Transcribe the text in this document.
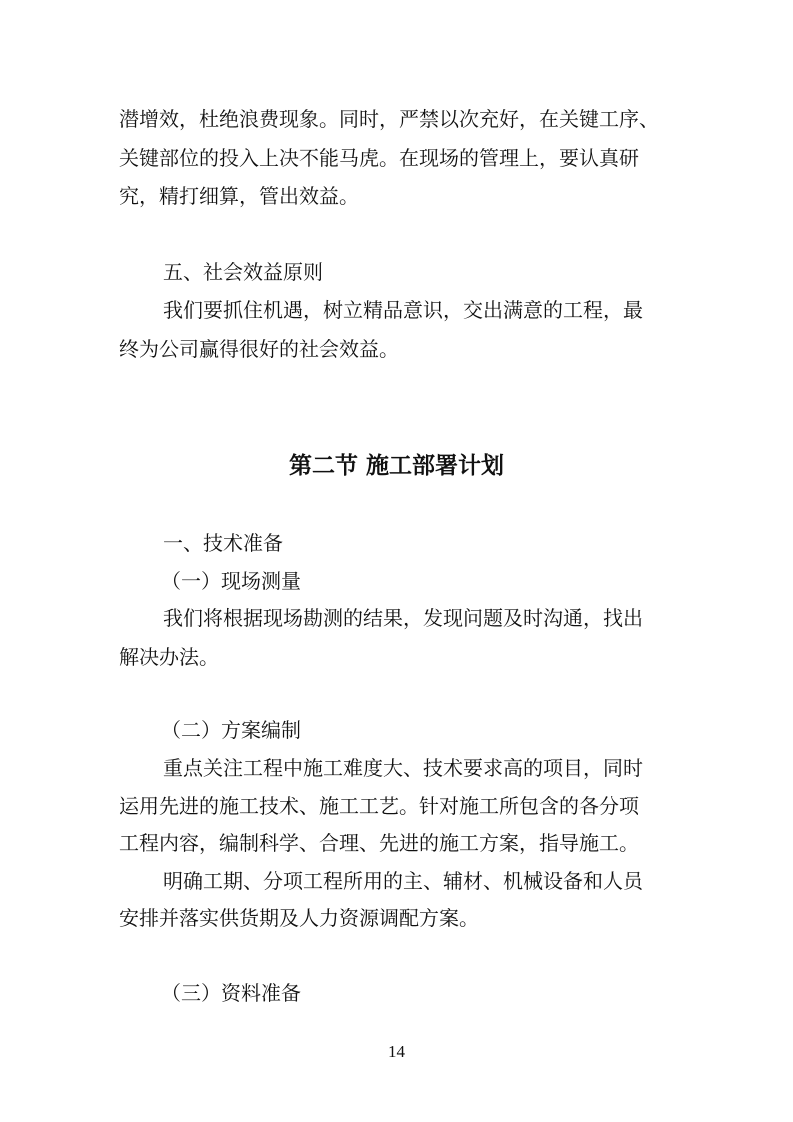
潜增效，杜绝浪费现象。同时，严禁以次充好，在关键工序、
关键部位的投入上决不能马虎。在现场的管理上，要认真研
究，精打细算，管出效益。
五、社会效益原则
我们要抓住机遇，树立精品意识，交出满意的工程，最
终为公司赢得很好的社会效益。
第二节 施工部署计划
一、技术准备
（一）现场测量
我们将根据现场勘测的结果，发现问题及时沟通，找出
解决办法。
（二）方案编制
重点关注工程中施工难度大、技术要求高的项目，同时
运用先进的施工技术、施工工艺。针对施工所包含的各分项
工程内容，编制科学、合理、先进的施工方案，指导施工。
明确工期、分项工程所用的主、辅材、机械设备和人员
安排并落实供货期及人力资源调配方案。
（三）资料准备
14
